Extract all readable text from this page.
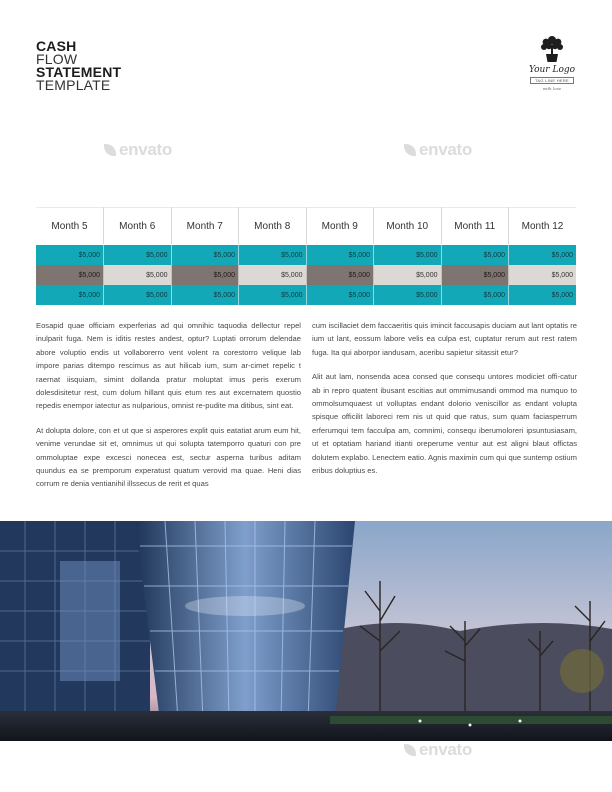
CASH
FLOW
STATEMENT
TEMPLATE
Your Logo
TAG LINE HERE
with love
envato	envato
Month 5	Month 6	Month 7	Month 8	Month 9	Month 10	Month 11	Month 12

$5,000	$5,000	$5,000	$5,000	$5,000	$5,000	$5,000	$5,000
$5,000	$5,000	$5,000	$5,000	$5,000	$5,000	$5,000	$5,000
$5,000	$5,000	$5,000	$5,000	$5,000	$5,000	$5,000	$5,000

Eosapid quae officiam experferias ad qui omnihic taquodia dellectur repel inulparit fuga. Nem is iditis restes andest, optur? Luptati orrorum delendae abore voluptio endis ut vollaborerro vent volent ra corestorro velique lab impore parias ditempo rescimus as aut hilicab ium, sum ar-cimet repelic t raernat iisquiam, simint dollanda pratur moluptat imus peris exerum dolesdisitetur rest, cum dolum hillant quis etum res aut excernatem quostio repedis enempor iatectur as nulparious, omnist re-pudite ma ditibus, sint eat.

At dolupta dolore, con et ut que si asperores explit quis eatatiat arum eum hit, venime verundae sit et, omnimus ut qui solupta tatemporro quaturi con pre ommoluptae expe excesci nonecea est, sectur asperna turibus aditam quundus ea se premporum experatust quatum verovid ma quae. Heni dias corrum re denia ventianihil illssecus de rerit et quas

cum iscillaciet dem faccaeritis quis imincit faccusapis duciam aut lant optatis re ium ut lant, eossum labore velis ea culpa est, cuptatur rerum aut rest ratem fuga. Ita qui aborpor iandusam, aceribu sapietur sitassit etur?

Alit aut lam, nonsenda acea consed que consequ untores modiciet offi-catur ab in repro quatent ibusant escitias aut ommimusandi ommod ma numquo to ommolsumquaest ut volluptas endant dolorio veniscillor as endant volupta spisque officilit laboreci rem nis ut quid que ratus, sum quam faciasperrum erferumqui tem facculpa am, comnimi, consequ iberumoloreri ipsuntusiasam, ut et optatiam hariand itianti oreperume ventur aut est aligni blaut offictas dolutem explabo. Lenectem eatio. Agnis maximin cum qui que suntemp ostium eribus doluptius es.

envato	envato
